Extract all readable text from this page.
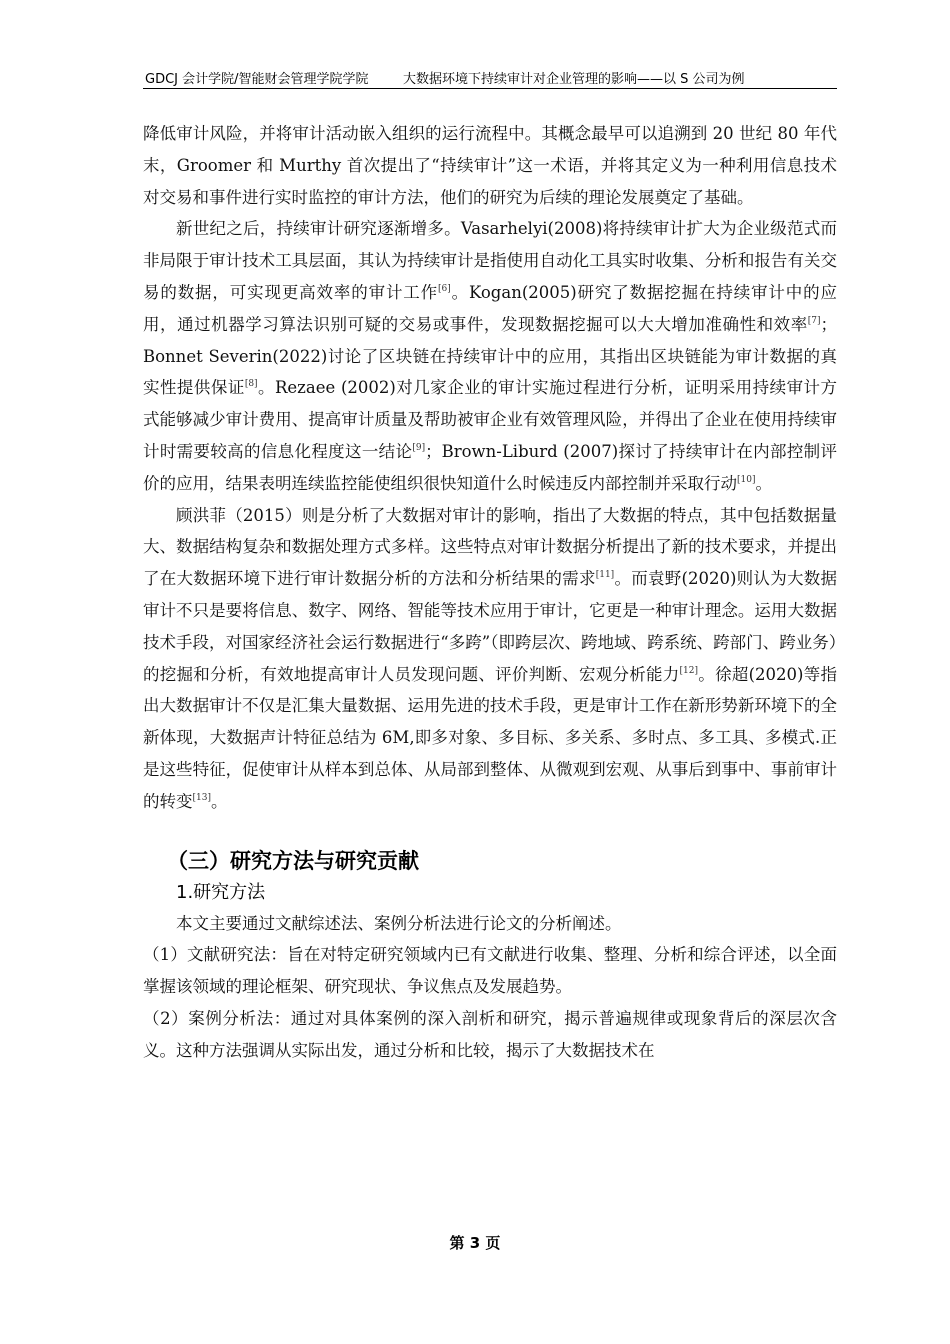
GDCJ 会计学院/智能财会管理学院学院	大数据环境下持续审计对企业管理的影响——以 S 公司为例

降低审计风险，并将审计活动嵌入组织的运行流程中。其概念最早可以追溯到 20 世纪 80 年代末，Groomer 和 Murthy 首次提出了“持续审计”这一术语，并将其定义为一种利用信息技术对交易和事件进行实时监控的审计方法，他们的研究为后续的理论发展奠定了基础。

新世纪之后，持续审计研究逐渐增多。Vasarhelyi(2008)将持续审计扩大为企业级范式而非局限于审计技术工具层面，其认为持续审计是指使用自动化工具实时收集、分析和报告有关交易的数据，可实现更高效率的审计工作[6]。Kogan(2005)研究了数据挖掘在持续审计中的应用，通过机器学习算法识别可疑的交易或事件，发现数据挖掘可以大大增加准确性和效率[7]；Bonnet Severin(2022)讨论了区块链在持续审计中的应用，其指出区块链能为审计数据的真实性提供保证[8]。Rezaee (2002)对几家企业的审计实施过程进行分析，证明采用持续审计方式能够减少审计费用、提高审计质量及帮助被审企业有效管理风险，并得出了企业在使用持续审计时需要较高的信息化程度这一结论[9]；Brown-Liburd (2007)探讨了持续审计在内部控制评价的应用，结果表明连续监控能使组织很快知道什么时候违反内部控制并采取行动[10]。

顾洪菲（2015）则是分析了大数据对审计的影响，指出了大数据的特点，其中包括数据量大、数据结构复杂和数据处理方式多样。这些特点对审计数据分析提出了新的技术要求，并提出了在大数据环境下进行审计数据分析的方法和分析结果的需求[11]。而袁野(2020)则认为大数据审计不只是要将信息、数字、网络、智能等技术应用于审计，它更是一种审计理念。运用大数据技术手段，对国家经济社会运行数据进行“多跨”（即跨层次、跨地域、跨系统、跨部门、跨业务）的挖掘和分析，有效地提高审计人员发现问题、评价判断、宏观分析能力[12]。徐超(2020)等指出大数据审计不仅是汇集大量数据、运用先进的技术手段，更是审计工作在新形势新环境下的全新体现，大数据声计特征总结为 6M,即多对象、多目标、多关系、多时点、多工具、多模式.正是这些特征，促使审计从样本到总体、从局部到整体、从微观到宏观、从事后到事中、事前审计的转变[13]。

（三）研究方法与研究贡献
1.研究方法

本文主要通过文献综述法、案例分析法进行论文的分析阐述。

（1）文献研究法：旨在对特定研究领域内已有文献进行收集、整理、分析和综合评述，以全面掌握该领域的理论框架、研究现状、争议焦点及发展趋势。

（2）案例分析法：通过对具体案例的深入剖析和研究，揭示普遍规律或现象背后的深层次含义。这种方法强调从实际出发，通过分析和比较，揭示了大数据技术在

第 3 页
